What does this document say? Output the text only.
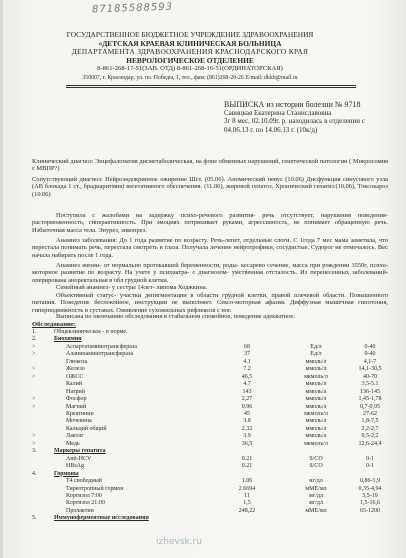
87185588593
ГОСУДАРСТВЕННОЕ БЮДЖЕТНОЕ УЧРЕЖДЕНИЕ ЗДРАВООХРАНЕНИЯ
«ДЕТСКАЯ КРАЕВАЯ КЛИНИЧЕСКАЯ БОЛЬНИЦА
ДЕПАРТАМЕНТА ЗДРАВООХРАНЕНИЯ КРАСНОДАРСКОГО КРАЯ
НЕВРОЛОГИЧЕСКОЕ ОТДЕЛЕНИЕ
8-861-268-17-51(ЗАВ. ОТД) 8-861-268-16-51(ОРДИНАТОРСКАЯ)
350007, г. Краснодар, ул. пл. Победы, 1, тел., факс (861)268-28-26 E-mail: dkkb@mail.ru
ВЫПИСКА из истории болезни № 9718
Савицкая Екатерина Станиславовна
3г 8 мес, 02.10.09г. р. находилась в отделении с
04.06.13 г. по 14.06.13 г. (10к/д)
Клинический диагноз: Энцефалопатия дисметаболическая, на фоне обменных нарушений, генетической патологии ( Микросомия с МВПР?)
Сопутствующий диагноз: Нейроэндокринное ожирение Шст. (05.06). Аномический невус (10.06) Дисфункция синусового узла (АВ блокада 1 ст., брадиаритмия) вегетативного обеспечения. (11.06), жировой гепатоз. Хронический гепатит.(10.06), Токсокароз (10.06)
Поступила с жалобами на задержку психо-речевого развития- речь отсутствует, нарушения поведения-расторможенность, гиперактивность. При эмоциях потряхивает руками, агрессивность, не понимает обращенную речь. Избыточная масса тела. Энурез, энкопрез.
Анамнез заболевания: До 1 года развитие по возрасту. Речь-лепет, отдельные слоги. С 1года 7 мес мама заметила, что перестала понимать речь, перестала смотреть в глаза. Получала лечение нейротрофики, сосудистые. Судорог не отмечалось. Вес начала набирать после 1 года.
Анамнез жизни- от нормально протекавшей беременности, роды- кесарево сечение, масса при рождении 3550г, психо-моторное развитие по возрасту. На учете у психиатра- с диагнозом- умственная отсталость. Из перенесенных заболеваний- оперирована аноректальная в обл грудной клетки.
Семейный анамнез- у сестры 14лет- липома Ходжкина.
Объективный статус- участки депигментации в области грудной клетки, правой плечевой области. Повышенного питания. Поведение беспокойное, инструкции не выполняет. Сексо-моторная афазия. Диффузная мышечная гипотония, гиперподвижность в суставах. Оживление сухожильных рефлексов с ног.
Выписана по окончанию обследования в стабильном спокойное, поведение адекватное.
Обследование:
1.	Общеклиническое - в норме.			
2.	Биохимия			
>	Аспартатаминотрансфераза	68	Ед/л	0-40
>	Аланинаминотрансфераза	37	Ед/л	0-40
	Глюкоза	4.1	ммоль/л	4,1-7
<	Железо	7.2	ммоль/л	14,1-30,5
>	ОЖСС	46,5	мкмоль/л	40-70
	Калий	4.7	ммоль/л	3,5-5.1
	Натрий	143	ммоль/л	136-145
>	Фосфор	2,27	ммоль/л	1,45-1,78
>	Магний	0.96	ммоль/л	0,7-0,95
	Креатинин	45	мкмоль/л	27-62
	Мочевина	3.8	ммоль/л	1,8-7,5
	Кальций общий	2.32	ммоль/л	2,2-2,7
>	Лактат	3.9	ммоль/л	0,5-2,2
>	Медь	36,5	мкмоль/л	12,6-24,4
3.	Маркеры гепатита			
	Anti-HCV	0.21	S/CO	0-1
	HBsAg	0.21	S/CO	0-1
4.	Гормоны			
	Т4 свободный	1.06	нг/дл	0,86-1,9
	Тиреотропный гормон	2.6694	мМЕ/мл	0,35-4,94
	Кортизол 7:00	11	мг/дл	5,5-19
	Кортизол 21:00	1,5	мг/дл	1,5-16,6
	Пролактин	248,22	мМЕ/мл	65-1200
5.	Иммуноферментные исследования			
izhevsk.ru
